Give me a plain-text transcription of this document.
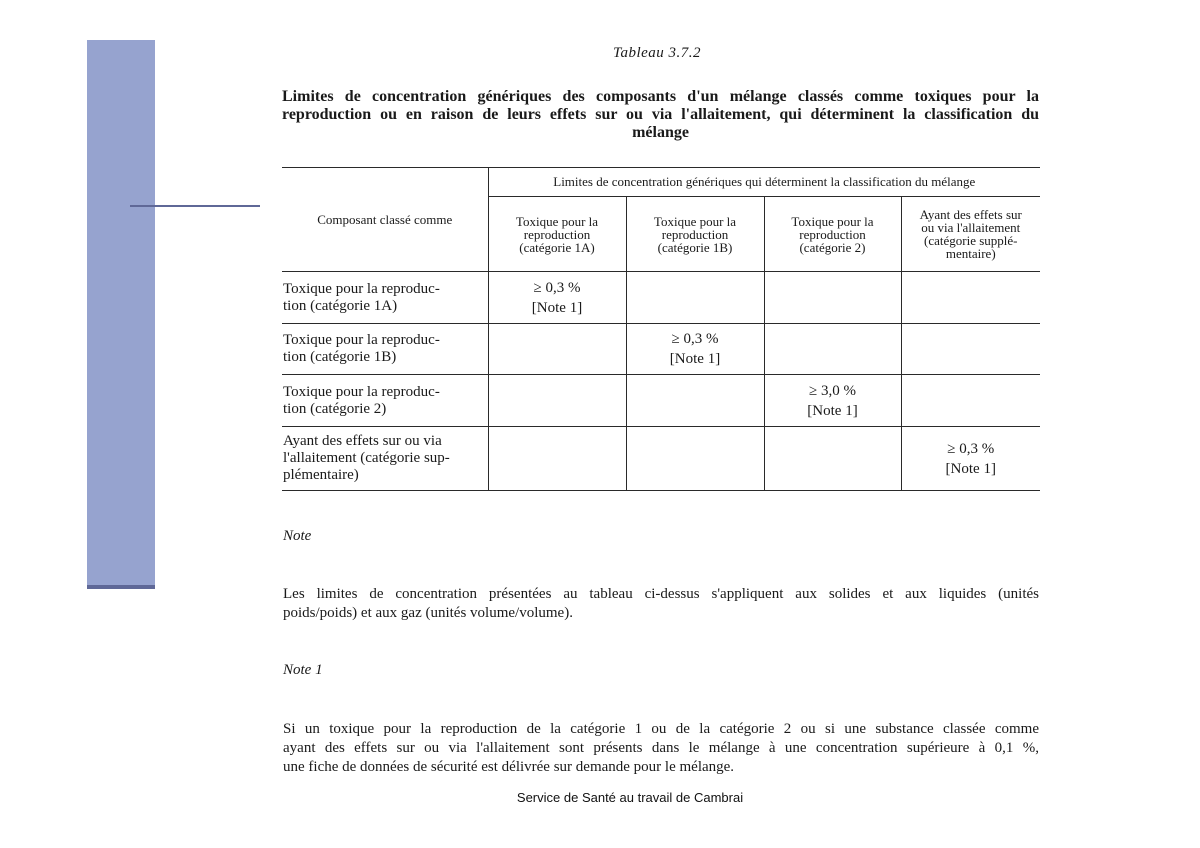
Tableau 3.7.2
Limites de concentration génériques des composants d'un mélange classés comme toxiques pour la
reproduction ou en raison de leurs effets sur ou via l'allaitement, qui déterminent la classification du
mélange
Composant classé comme	Limites de concentration génériques qui déterminent la classification du mélange			

	Toxique pour la
reproduction
(catégorie 1A)	Toxique pour la
reproduction
(catégorie 1B)	Toxique pour la
reproduction
(catégorie 2)	Ayant des effets sur
ou via l'allaitement
(catégorie supplé-
mentaire)

Toxique pour la reproduc-
tion (catégorie 1A)	≥ 0,3 %
[Note 1]			

Toxique pour la reproduc-
tion (catégorie 1B)		≥ 0,3 %
[Note 1]		

Toxique pour la reproduc-
tion (catégorie 2)			≥ 3,0 %
[Note 1]	

Ayant des effets sur ou via
l'allaitement (catégorie sup-
plémentaire)				≥ 0,3 %
[Note 1]
Note
Les limites de concentration présentées au tableau ci-dessus s'appliquent aux solides et aux liquides (unités
poids/poids) et aux gaz (unités volume/volume).
Note 1
Si un toxique pour la reproduction de la catégorie 1 ou de la catégorie 2 ou si une substance classée comme
ayant des effets sur ou via l'allaitement sont présents dans le mélange à une concentration supérieure à 0,1 %,
une fiche de données de sécurité est délivrée sur demande pour le mélange.
Service de Santé au travail de Cambrai
